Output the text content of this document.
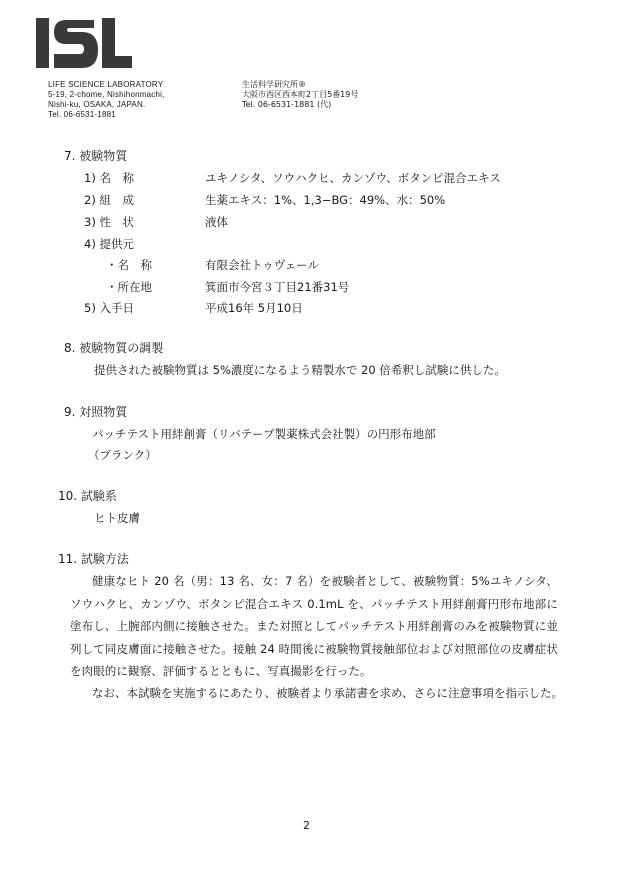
LIFE SCIENCE LABORATORY
5-19, 2-chome, Nishihonmachi,
Nishi-ku, OSAKA, JAPAN.
Tel. 06-6531-1881
生活科学研究所®
大阪市西区西本町2丁目5番19号
Tel. 06-6531-1881 (代)
7. 被験物質
1) 名　称	ユキノシタ、ソウハクヒ、カンゾウ、ボタンピ混合エキス
2) 組　成	生薬エキス：1%、1,3−BG：49%、水：50%
3) 性　状	液体
4) 提供元
・名　称	有限会社トゥヴェール
・所在地	箕面市今宮３丁目21番31号
5) 入手日	平成16年 5月10日
8. 被験物質の調製
提供された被験物質は 5%濃度になるよう精製水で 20 倍希釈し試験に供した。
9. 対照物質
パッチテスト用絆創膏（リバテープ製薬株式会社製）の円形布地部
（ブランク）
10. 試験系
ヒト皮膚
11. 試験方法
健康なヒト 20 名（男：13 名、女：7 名）を被験者として、被験物質：5%ユキノシタ、ソウハクヒ、カンゾウ、ボタンピ混合エキス 0.1mL を、パッチテスト用絆創膏円形布地部に塗布し、上腕部内側に接触させた。また対照としてパッチテスト用絆創膏のみを被験物質に並列して同皮膚面に接触させた。接触 24 時間後に被験物質接触部位および対照部位の皮膚症状を肉眼的に観察、評価するとともに、写真撮影を行った。
なお、本試験を実施するにあたり、被験者より承諾書を求め、さらに注意事項を指示した。
2
